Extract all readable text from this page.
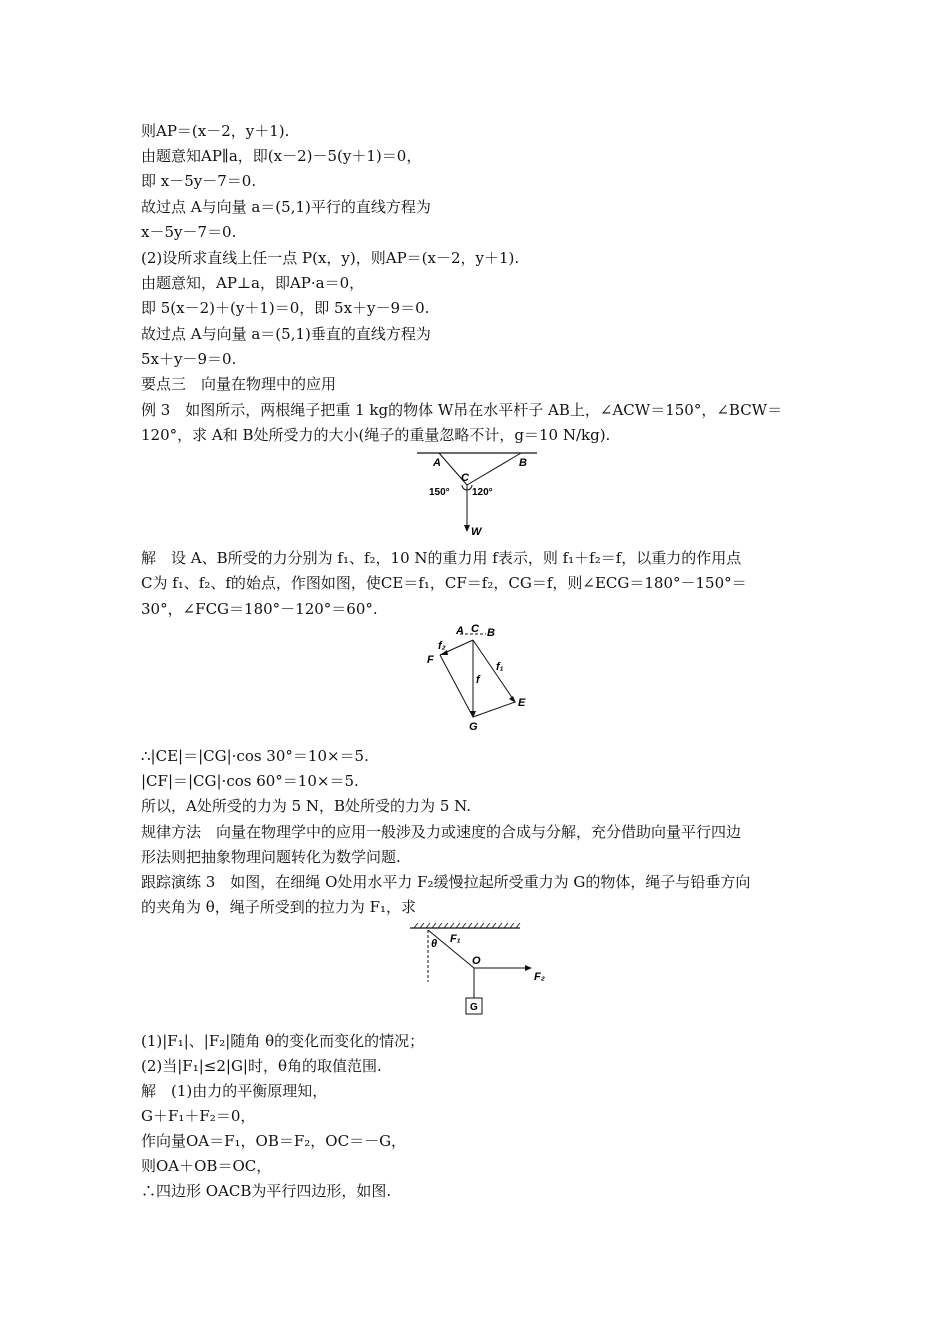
则AP＝(x－2，y＋1).
由题意知AP∥a，即(x－2)－5(y＋1)＝0，
即 x－5y－7＝0.
故过点 A与向量 a＝(5,1)平行的直线方程为
x－5y－7＝0.
(2)设所求直线上任一点 P(x，y)，则AP＝(x－2，y＋1).
由题意知，AP⊥a，即AP·a＝0，
即 5(x－2)＋(y＋1)＝0，即 5x＋y－9＝0.
故过点 A与向量 a＝(5,1)垂直的直线方程为
5x＋y－9＝0.
要点三　向量在物理中的应用
例 3　如图所示，两根绳子把重 1 kg的物体 W吊在水平杆子 AB上，∠ACW＝150°，∠BCW＝
120°，求 A和 B处所受力的大小(绳子的重量忽略不计，g＝10 N/kg).
A	B
C
150° 120°
W
解　设 A、B所受的力分别为 f₁、f₂，10 N的重力用 f表示，则 f₁＋f₂＝f，以重力的作用点
C为 f₁、f₂、f的始点，作图如图，使CE＝f₁，CF＝f₂，CG＝f，则∠ECG＝180°－150°＝
30°，∠FCG＝180°－120°＝60°.
A C B
F
f₂
f₁
f
E
G
∴|CE|＝|CG|·cos 30°＝10×＝5.
|CF|＝|CG|·cos 60°＝10×＝5.
所以，A处所受的力为 5 N，B处所受的力为 5 N.
规律方法　向量在物理学中的应用一般涉及力或速度的合成与分解，充分借助向量平行四边
形法则把抽象物理问题转化为数学问题.
跟踪演练 3　如图，在细绳 O处用水平力 F₂缓慢拉起所受重力为 G的物体，绳子与铅垂方向
的夹角为 θ，绳子所受到的拉力为 F₁，求
θ F₁
O
F₂
G
(1)|F₁|、|F₂|随角 θ的变化而变化的情况；
(2)当|F₁|≤2|G|时，θ角的取值范围.
解　(1)由力的平衡原理知，
G＋F₁＋F₂＝0，
作向量OA＝F₁，OB＝F₂，OC＝－G，
则OA＋OB＝OC，
∴四边形 OACB为平行四边形，如图.
